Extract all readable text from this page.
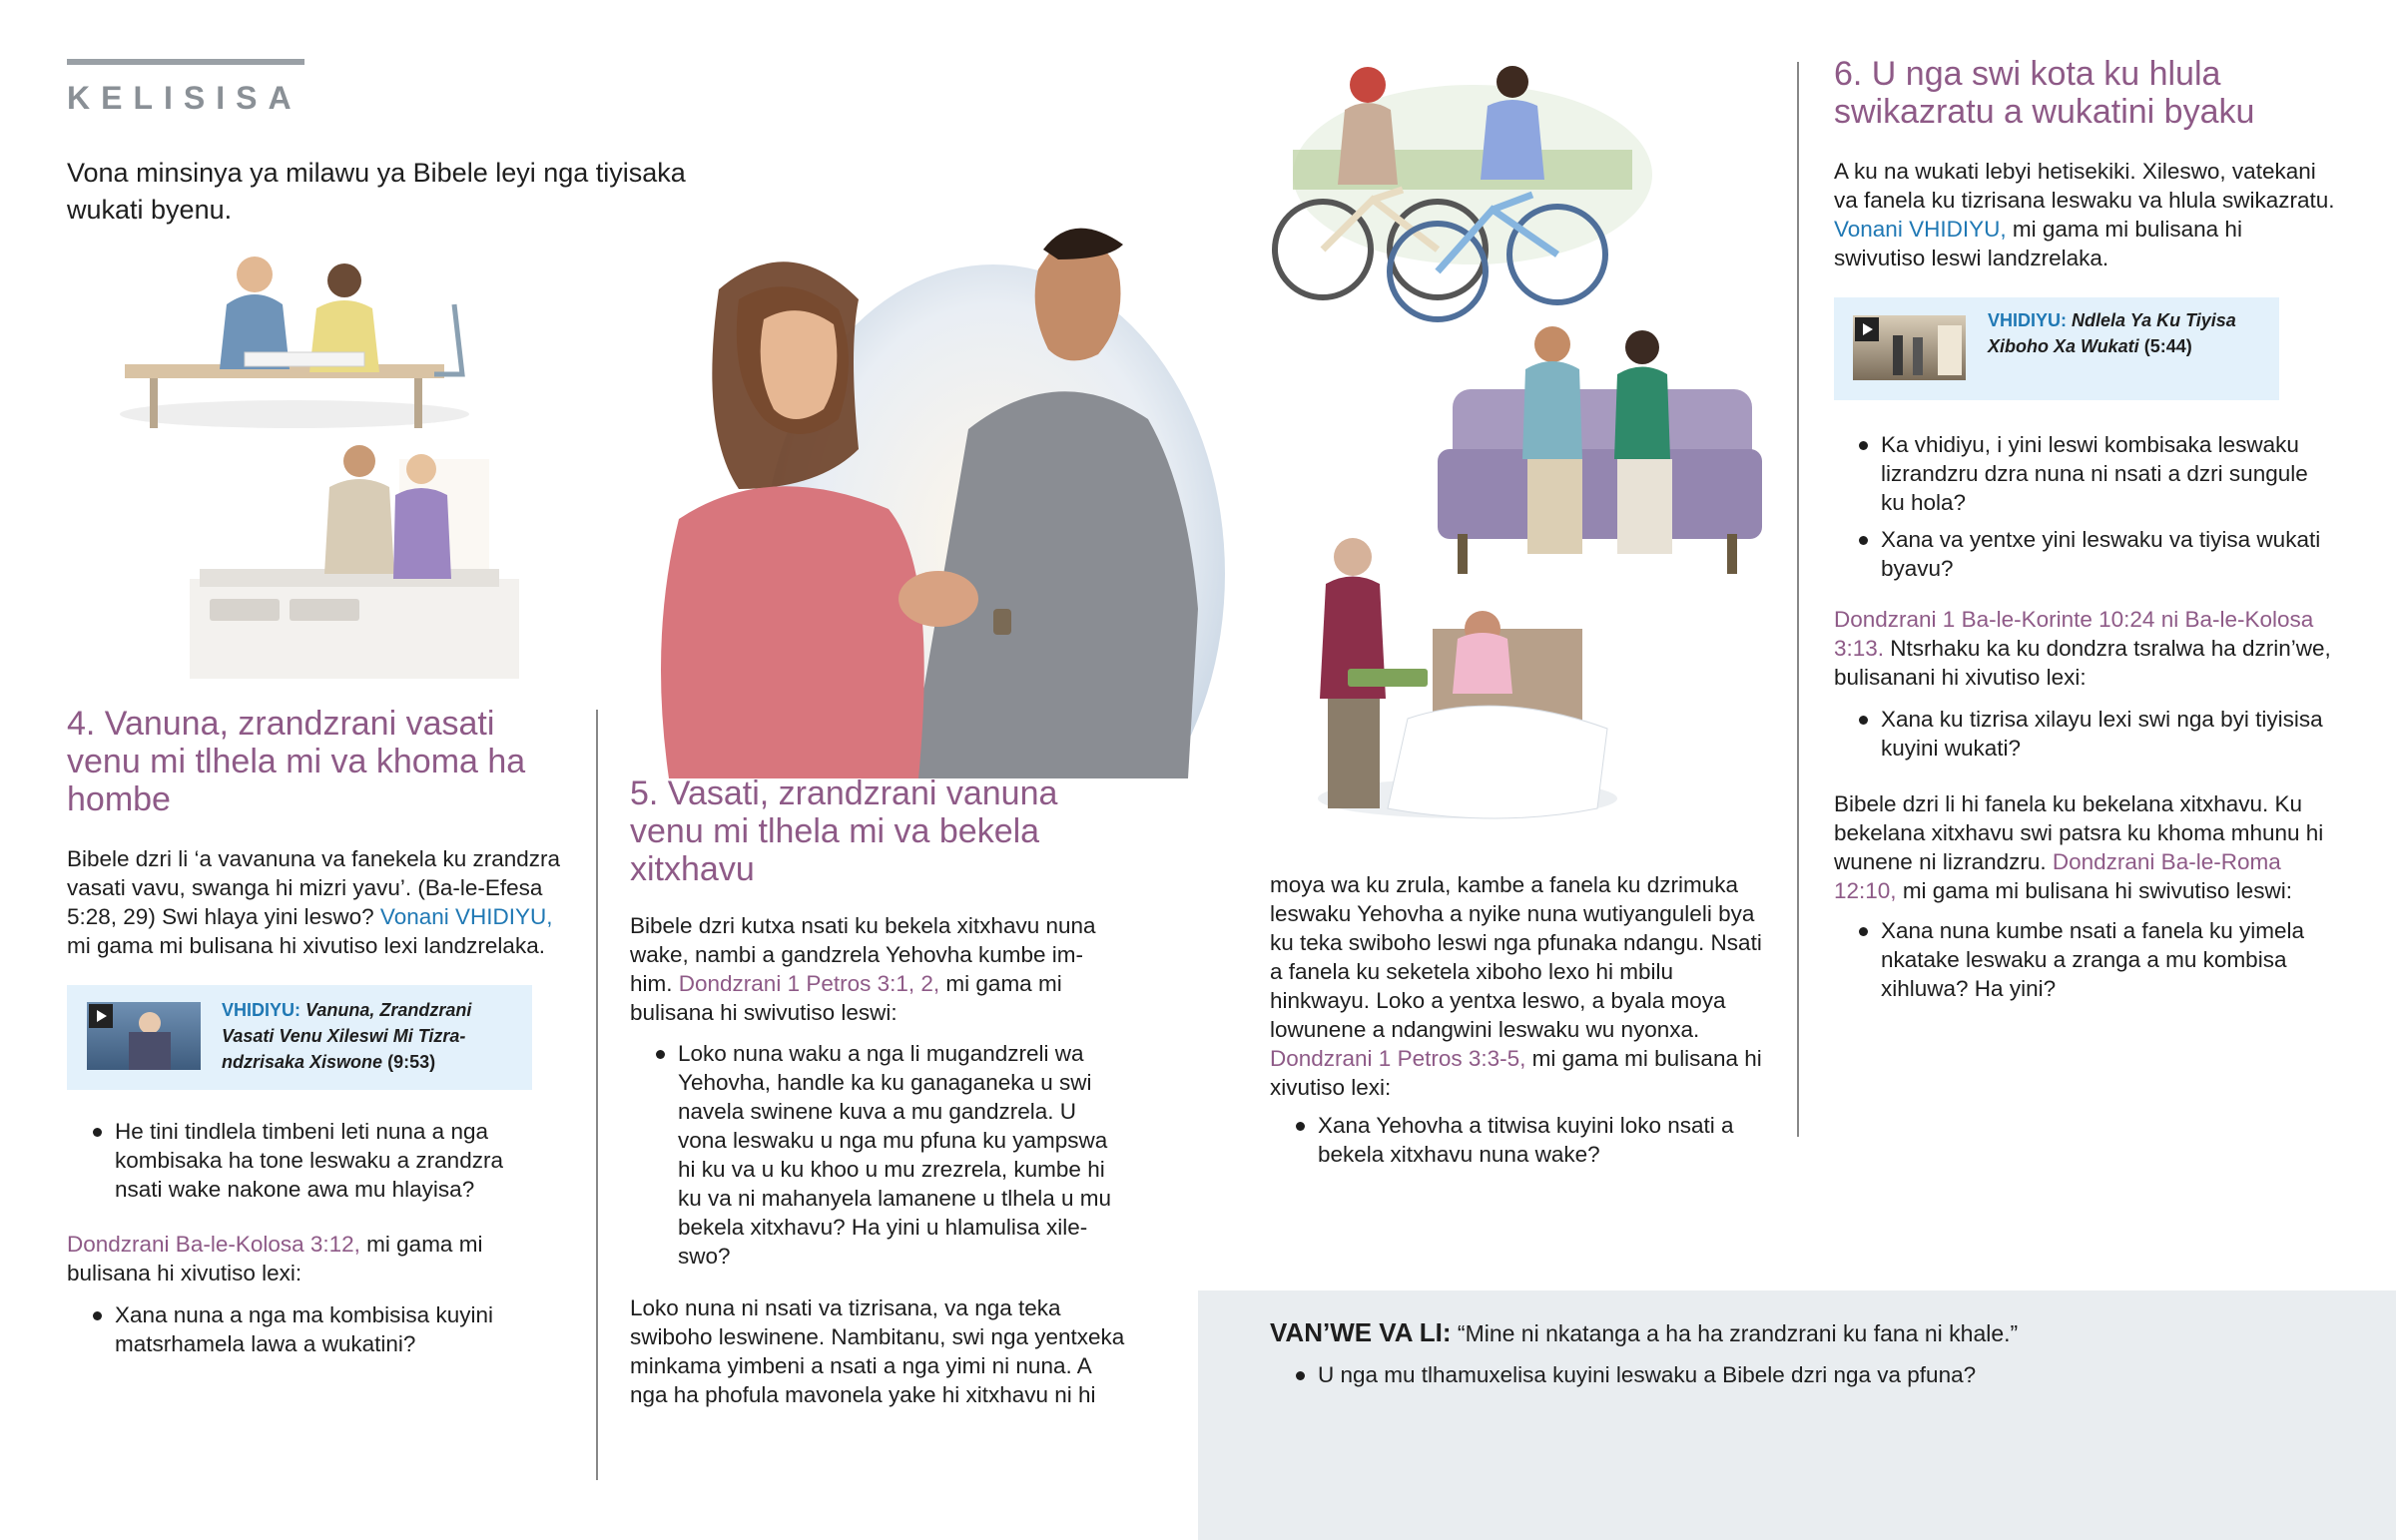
KELISISA
Vona minsinya ya milawu ya Bibele leyi nga tiyisaka wukati byenu.
4. Vanuna, zrandzrani vasati venu mi tlhela mi va khoma ha hombe
Bibele dzri li ‘a vavanuna va fanekela ku zrandzra vasati vavu, swanga hi mizri yavu’. (Ba-le-Efesa 5:28, 29) Swi hlaya yini leswo? Vonani VHIDIYU, mi gama mi bulisana hi xivutiso lexi landzrelaka.
VHIDIYU: Vanuna, Zrandzrani Vasati Venu Xileswi Mi Tizrandzrisaka Xiswone (9:53)
He tini tindlela timbeni leti nuna a nga kombisaka ha tone leswaku a zrandzra nsati wake nakone awa mu hlayisa?
Dondzrani Ba-le-Kolosa 3:12, mi gama mi bulisana hi xivutiso lexi:
Xana nuna a nga ma kombisisa kuyini matsrhamela lawa a wukatini?
5. Vasati, zrandzrani vanuna venu mi tlhela mi va bekela xitxhavu
Bibele dzri kutxa nsati ku bekela xitxhavu nuna wake, nambi a gandzrela Yehovha kumbe im-him. Dondzrani 1 Petros 3:1, 2, mi gama mi bulisana hi swivutiso leswi:
Loko nuna waku a nga li mugandzreli wa Yehovha, handle ka ku ganaganeka u swi navela swinene kuva a mu gandzrela. U vona leswaku u nga mu pfuna ku yampswa hi ku va u ku khoo u mu zrezrela, kumbe hi ku va ni mahanyela lamanene u tlhela u mu bekela xitxhavu? Ha yini u hlamulisa xileswo?
Loko nuna ni nsati va tizrisana, va nga teka swiboho leswinene. Nambitanu, swi nga yentxeka minkama yimbeni a nsati a nga yimi ni nuna. A nga ha phofula mavonela yake hi xitxhavu ni hi
moya wa ku zrula, kambe a fanela ku dzrimuka leswaku Yehovha a nyike nuna wutiyanguleli bya ku teka swiboho leswi nga pfunaka ndangu. Nsati a fanela ku seketela xiboho lexo hi mbilu hinkwayu. Loko a yentxa leswo, a byala moya lowunene a ndangwini leswaku wu nyonxa. Dondzrani 1 Petros 3:3-5, mi gama mi bulisana hi xivutiso lexi:
Xana Yehovha a titwisa kuyini loko nsati a bekela xitxhavu nuna wake?
6. U nga swi kota ku hlula swikazratu a wukatini byaku
A ku na wukati lebyi hetisekiki. Xileswo, vatekani va fanela ku tizrisana leswaku va hlula swikazratu. Vonani VHIDIYU, mi gama mi bulisana hi swivutiso leswi landzrelaka.
VHIDIYU: Ndlela Ya Ku Tiyisa Xiboho Xa Wukati (5:44)
Ka vhidiyu, i yini leswi kombisaka leswaku lizrandzru dzra nuna ni nsati a dzri sungule ku hola?
Xana va yentxe yini leswaku va tiyisa wukati byavu?
Dondzrani 1 Ba-le-Korinte 10:24 ni Ba-le-Kolosa 3:13. Ntsrhaku ka ku dondzra tsralwa ha dzrin’we, bulisanani hi xivutiso lexi:
Xana ku tizrisa xilayu lexi swi nga byi tiyisisa kuyini wukati?
Bibele dzri li hi fanela ku bekelana xitxhavu. Ku bekelana xitxhavu swi patsra ku khoma mhunu hi wunene ni lizrandzru. Dondzrani Ba-le-Roma 12:10, mi gama mi bulisana hi swivutiso leswi:
Xana nuna kumbe nsati a fanela ku yimela nkatake leswaku a zranga a mu kombisa xihluwa? Ha yini?
VAN’WE VA LI: “Mine ni nkatanga a ha ha zrandzrani ku fana ni khale.”
U nga mu tlhamuxelisa kuyini leswaku a Bibele dzri nga va pfuna?
